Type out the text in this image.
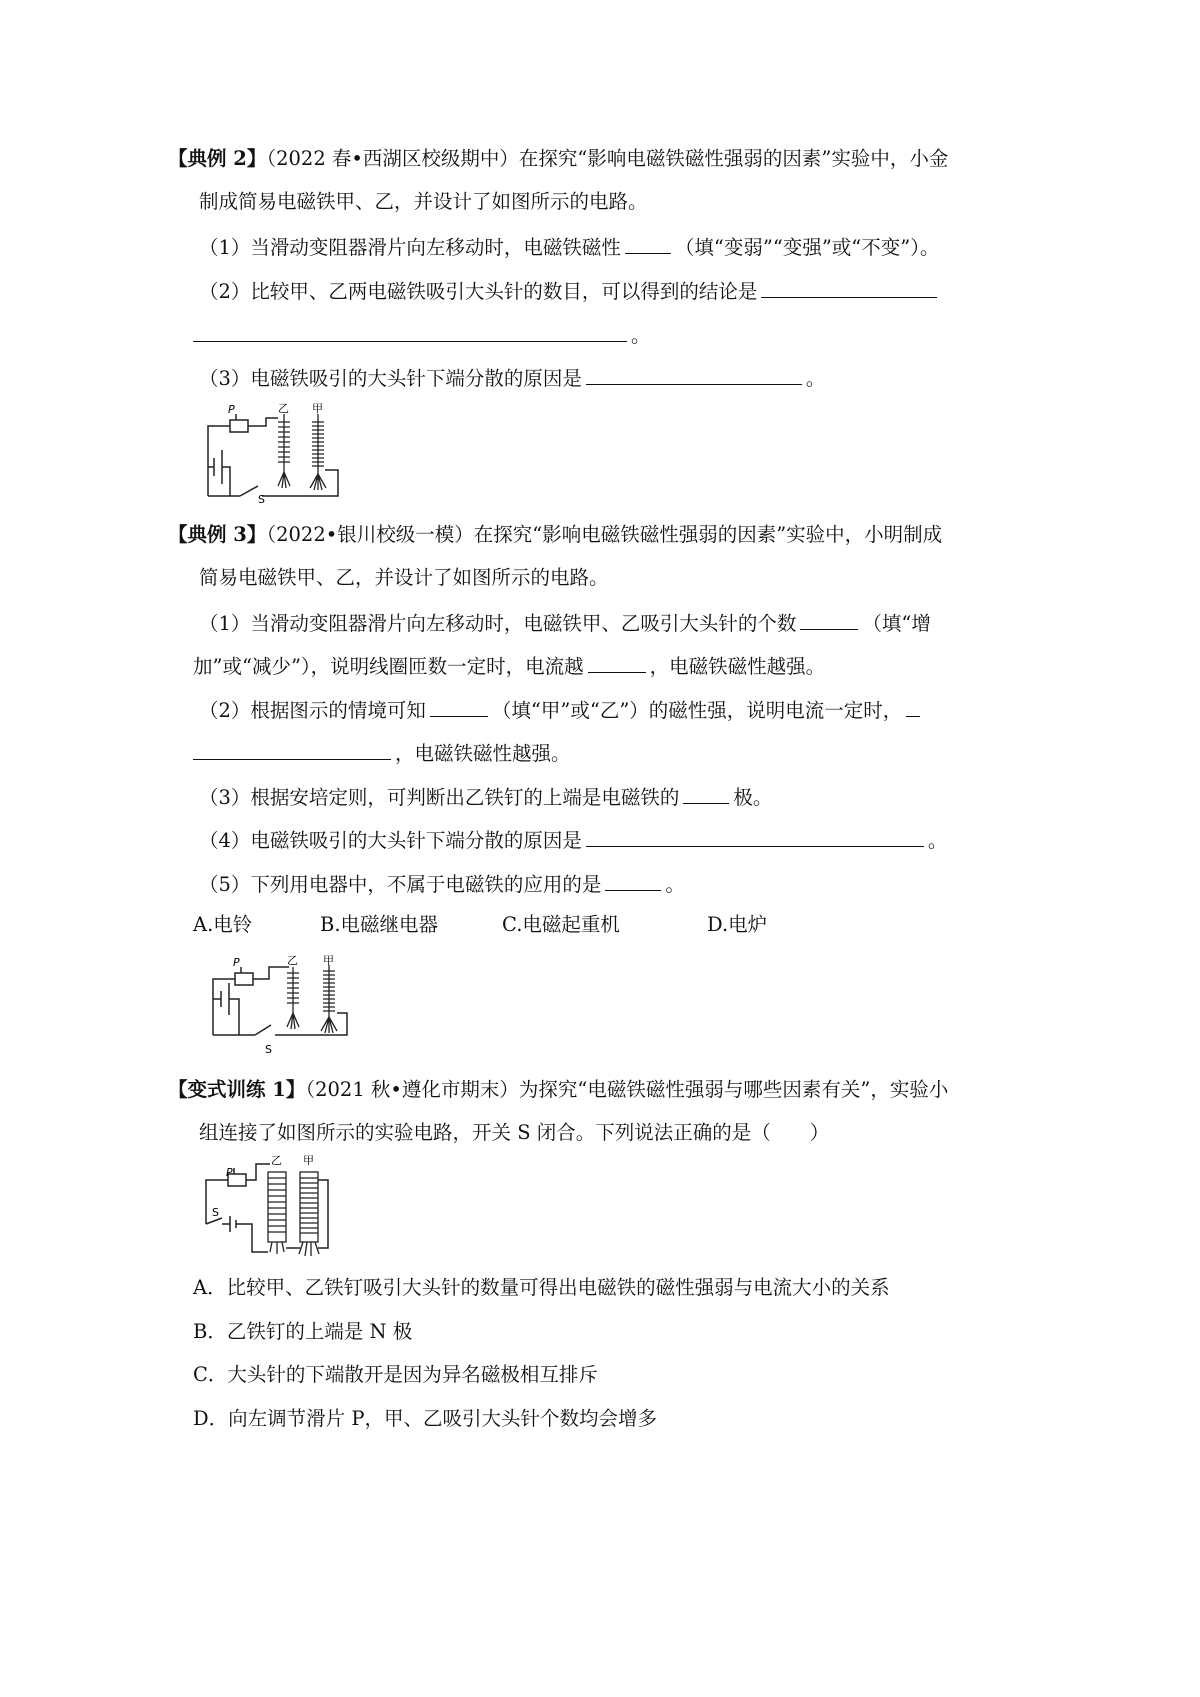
【典例 2】（2022 春•西湖区校级期中）在探究“影响电磁铁磁性强弱的因素”实验中，小金
制成简易电磁铁甲、乙，并设计了如图所示的电路。
（1）当滑动变阻器滑片向左移动时，电磁铁磁性	（填“变弱”“变强”或“不变”）。
（2）比较甲、乙两电磁铁吸引大头针的数目，可以得到的结论是
。
（3）电磁铁吸引的大头针下端分散的原因是	。
P
S
乙 甲
【典例 3】（2022•银川校级一模）在探究“影响电磁铁磁性强弱的因素”实验中，小明制成
简易电磁铁甲、乙，并设计了如图所示的电路。
（1）当滑动变阻器滑片向左移动时，电磁铁甲、乙吸引大头针的个数	（填“增
加”或“减少”），说明线圈匝数一定时，电流越	，电磁铁磁性越强。
（2）根据图示的情境可知	（填“甲”或“乙”）的磁性强，说明电流一定时，
，电磁铁磁性越强。
（3）根据安培定则，可判断出乙铁钉的上端是电磁铁的	极。
（4）电磁铁吸引的大头针下端分散的原因是	。
（5）下列用电器中，不属于电磁铁的应用的是	。
A.电铃	B.电磁继电器	C.电磁起重机	D.电炉
P
S
乙 甲
【变式训练 1】（2021 秋•遵化市期末）为探究“电磁铁磁性强弱与哪些因素有关”，实验小
组连接了如图所示的实验电路，开关 S 闭合。下列说法正确的是（　　）
P
S
乙 甲
A．比较甲、乙铁钉吸引大头针的数量可得出电磁铁的磁性强弱与电流大小的关系
B．乙铁钉的上端是 N 极
C．大头针的下端散开是因为异名磁极相互排斥
D．向左调节滑片 P，甲、乙吸引大头针个数均会增多
